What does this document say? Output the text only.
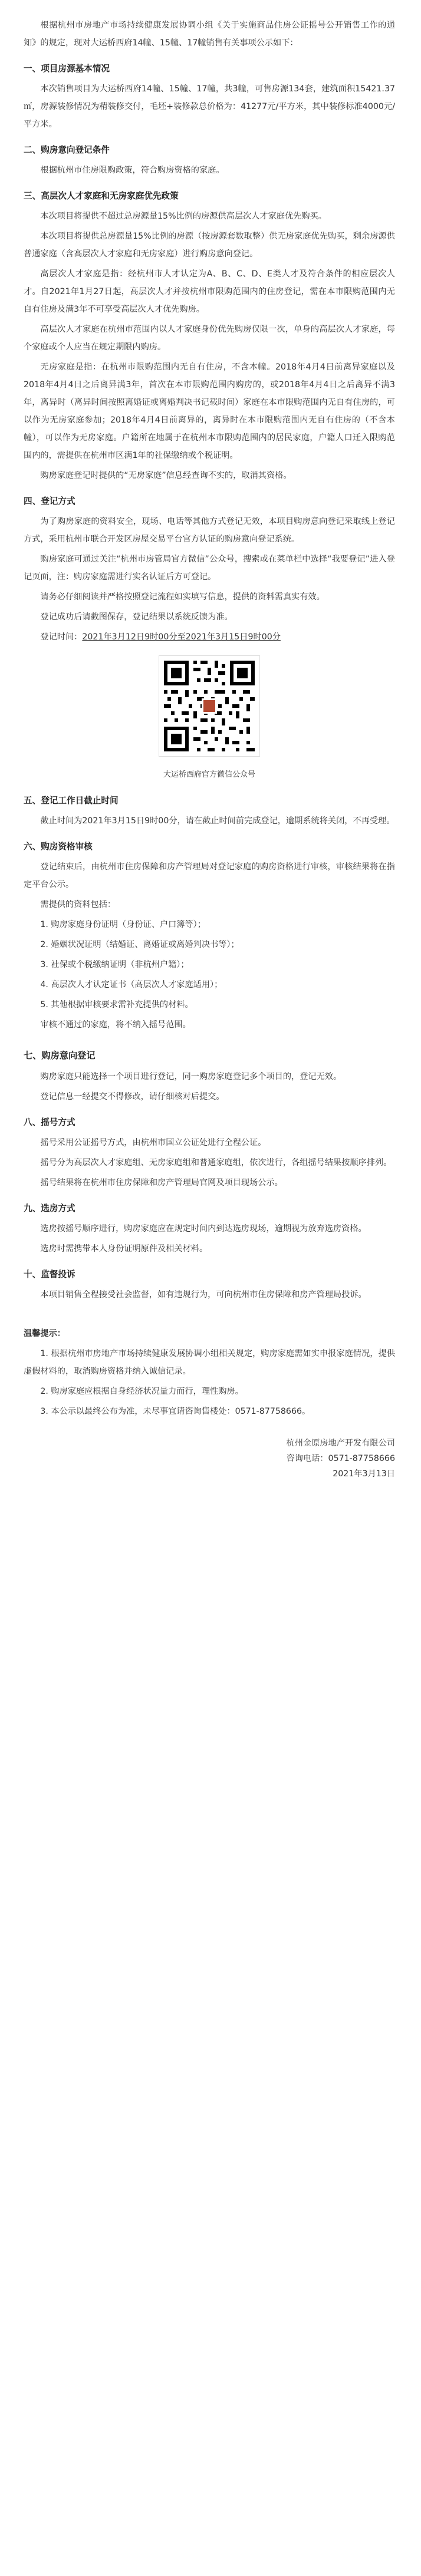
根据杭州市房地产市场持续健康发展协调小组《关于实施商品住房公证摇号公开销售工作的通知》的规定，现对大运桥西府14幢、15幢、17幢销售有关事项公示如下：

一、项目房源基本情况

本次销售项目为大运桥西府14幢、15幢、17幢，共3幢，可售房源134套，建筑面积15421.37㎡，房源装修情况为精装修交付，毛坯+装修款总价格为：41277元/平方米，其中装修标准4000元/平方米。

二、购房意向登记条件

根据杭州市住房限购政策，符合购房资格的家庭。

三、高层次人才家庭和无房家庭优先政策

本次项目将提供不超过总房源量15%比例的房源供高层次人才家庭优先购买。

本次项目将提供总房源量15%比例的房源（按房源套数取整）供无房家庭优先购买，剩余房源供普通家庭（含高层次人才家庭和无房家庭）进行购房意向登记。

高层次人才家庭是指：经杭州市人才认定为A、B、C、D、E类人才及符合条件的相应层次人才。自2021年1月27日起，高层次人才并按杭州市限购范围内的住房登记，需在本市限购范围内无自有住房及满3年不可享受高层次人才优先购房。

高层次人才家庭在杭州市范围内以人才家庭身份优先购房仅限一次，单身的高层次人才家庭，每个家庭或个人应当在规定期限内购房。

无房家庭是指：在杭州市限购范围内无自有住房，不含本幢。2018年4月4日前离异家庭以及2018年4月4日之后离异满3年，首次在本市限购范围内购房的，或2018年4月4日之后离异不满3年，离异时（离异时间按照离婚证或离婚判决书记载时间）家庭在本市限购范围内无自有住房的，可以作为无房家庭参加；2018年4月4日前离异的，离异时在本市限购范围内无自有住房的（不含本幢），可以作为无房家庭。户籍所在地属于在杭州本市限购范围内的居民家庭，户籍人口迁入限购范围内的，需提供在杭州市区满1年的社保缴纳或个税证明。

购房家庭登记时提供的“无房家庭”信息经查询不实的，取消其资格。

四、登记方式

为了购房家庭的资料安全，现场、电话等其他方式登记无效，本项目购房意向登记采取线上登记方式，采用杭州市联合开发区房屋交易平台官方认证的购房意向登记系统。

购房家庭可通过关注“杭州市房管局官方微信”公众号，搜索或在菜单栏中选择“我要登记”进入登记页面，注：购房家庭需进行实名认证后方可登记。

请务必仔细阅读并严格按照登记流程如实填写信息，提供的资料需真实有效。

登记成功后请截图保存，登记结果以系统反馈为准。

登记时间：2021年3月12日9时00分至2021年3月15日9时00分

大运桥西府官方微信公众号
五、登记工作日截止时间

截止时间为2021年3月15日9时00分，请在截止时间前完成登记，逾期系统将关闭，不再受理。

六、购房资格审核

登记结束后，由杭州市住房保障和房产管理局对登记家庭的购房资格进行审核，审核结果将在指定平台公示。

需提供的资料包括：

1. 购房家庭身份证明（身份证、户口簿等）；

2. 婚姻状况证明（结婚证、离婚证或离婚判决书等）；

3. 社保或个税缴纳证明（非杭州户籍）；

4. 高层次人才认定证书（高层次人才家庭适用）；

5. 其他根据审核要求需补充提供的材料。

审核不通过的家庭，将不纳入摇号范围。

七、购房意向登记

购房家庭只能选择一个项目进行登记，同一购房家庭登记多个项目的，登记无效。

登记信息一经提交不得修改，请仔细核对后提交。

八、摇号方式

摇号采用公证摇号方式，由杭州市国立公证处进行全程公证。

摇号分为高层次人才家庭组、无房家庭组和普通家庭组，依次进行，各组摇号结果按顺序排列。

摇号结果将在杭州市住房保障和房产管理局官网及项目现场公示。

九、选房方式

选房按摇号顺序进行，购房家庭应在规定时间内到达选房现场，逾期视为放弃选房资格。

选房时需携带本人身份证明原件及相关材料。

十、监督投诉

本项目销售全程接受社会监督，如有违规行为，可向杭州市住房保障和房产管理局投诉。

温馨提示：

1. 根据杭州市房地产市场持续健康发展协调小组相关规定，购房家庭需如实申报家庭情况，提供虚假材料的，取消购房资格并纳入诚信记录。

2. 购房家庭应根据自身经济状况量力而行，理性购房。

3. 本公示以最终公布为准，未尽事宜请咨询售楼处：0571-87758666。

杭州金原房地产开发有限公司
咨询电话：0571-87758666
2021年3月13日
